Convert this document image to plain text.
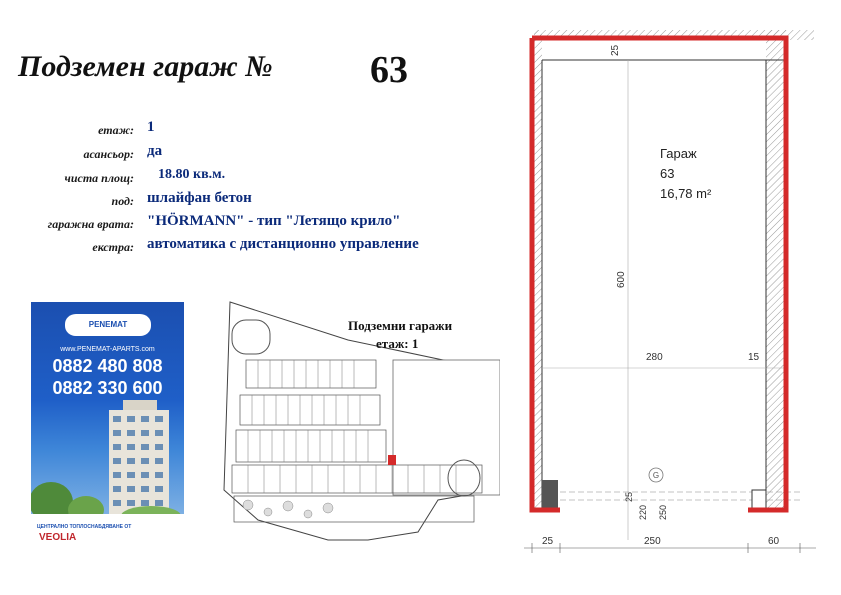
Подземен гараж №	63
етаж: 1
асансьор: да
чиста площ: 18.80 кв.м.
под: шлайфан бетон
гаражна врата: "HÖRMANN" - тип "Летящо крило"
екстра: автоматика с дистанционно управление
PENEMAT
www.PENEMAT-APARTS.com
0882 480 808
0882 330 600
ЦЕНТРАЛНО ТОПЛОСНАБДЯВАНЕ ОТ
VEOLIA
Подземни гаражи
етаж: 1
Гараж
63
16,78 m²
25
600
280	15
G
25
220 250
25	250	60
